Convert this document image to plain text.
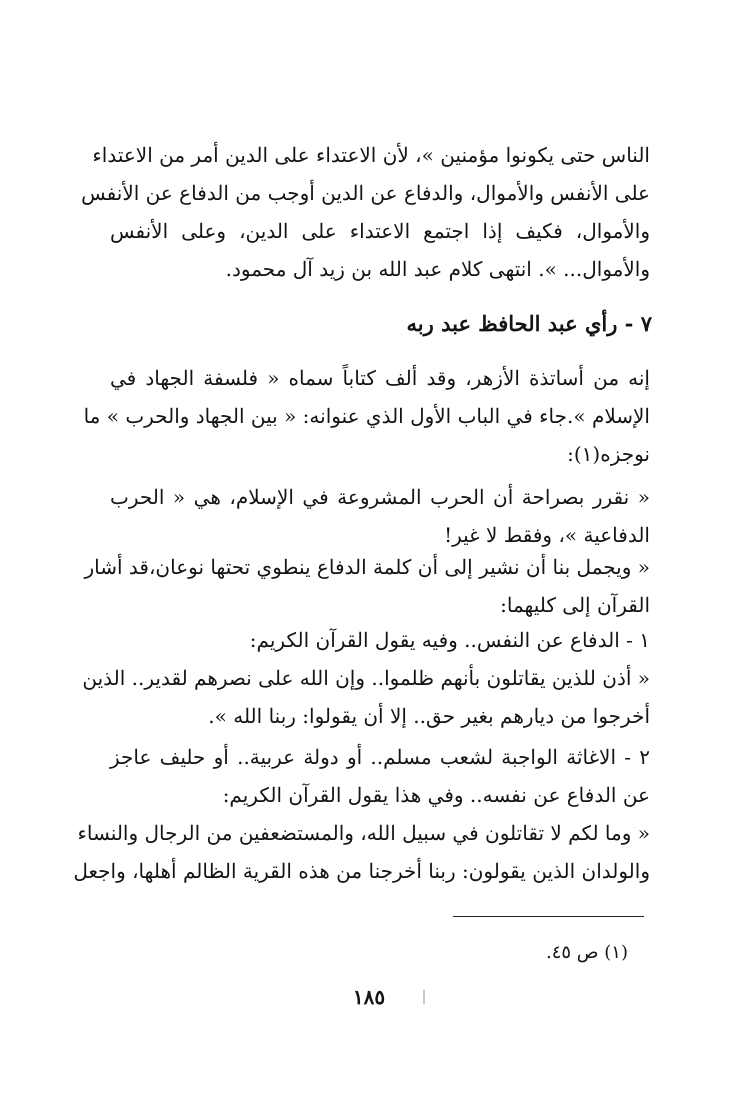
الناس حتى يكونوا مؤمنين »، لأن الاعتداء على الدين أمر من الاعتداء
على الأنفس والأموال، والدفاع عن الدين أوجب من الدفاع عن الأنفس
والأموال، فكيف إذا اجتمع الاعتداء على الدين، وعلى الأنفس
والأموال... ». انتهى كلام عبد الله بن زيد آل محمود.
٧ - رأي عبد الحافظ عبد ربه
إنه من أساتذة الأزهر، وقد ألف كتاباً سماه « فلسفة الجهاد في
الإسلام ».جاء في الباب الأول الذي عنوانه: « بين الجهاد والحرب » ما
نوجزه(١):
« نقرر بصراحة أن الحرب المشروعة في الإسلام، هي « الحرب
الدفاعية »، وفقط لا غير!
« ويجمل بنا أن نشير إلى أن كلمة الدفاع ينطوي تحتها نوعان،قد أشار
القرآن إلى كليهما:
١ - الدفاع عن النفس.. وفيه يقول القرآن الكريم:
« أذن للذين يقاتلون بأنهم ظلموا.. وإن الله على نصرهم لقدير.. الذين
أخرجوا من ديارهم بغير حق.. إلا أن يقولوا: ربنا الله ».
٢ - الاغاثة الواجبة لشعب مسلم.. أو دولة عربية.. أو حليف عاجز
عن الدفاع عن نفسه.. وفي هذا يقول القرآن الكريم:
« وما لكم لا تقاتلون في سبيل الله، والمستضعفين من الرجال والنساء
والولدان الذين يقولون: ربنا أخرجنا من هذه القرية الظالم أهلها، واجعل
(١) ص ٤٥.
١٨٥
